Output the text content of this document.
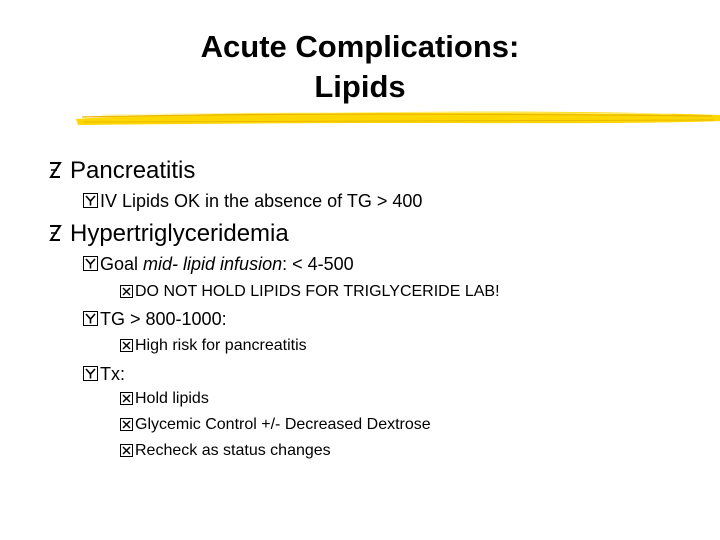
Acute Complications:
Lipids
Pancreatitis
IV Lipids OK in the absence of TG > 400
Hypertriglyceridemia
Goal mid- lipid infusion: < 4-500
DO NOT HOLD LIPIDS FOR TRIGLYCERIDE LAB!
TG > 800-1000:
High risk for pancreatitis
Tx:
Hold lipids
Glycemic Control +/- Decreased Dextrose
Recheck as status changes
